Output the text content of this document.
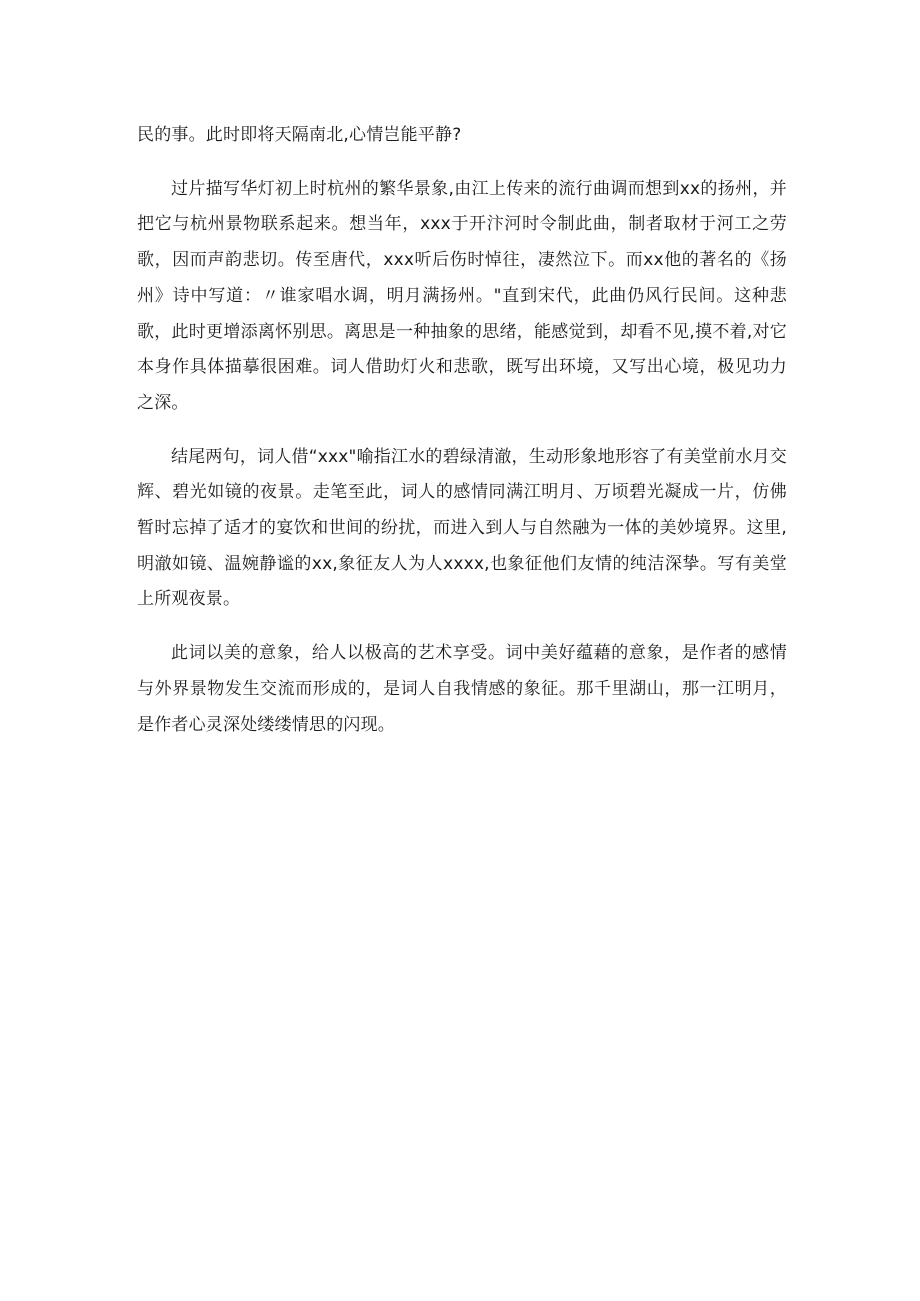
民的事。此时即将天隔南北,心情岂能平静?

过片描写华灯初上时杭州的繁华景象,由江上传来的流行曲调而想到xx的扬州，并把它与杭州景物联系起来。想当年，xxx于开汴河时令制此曲，制者取材于河工之劳歌，因而声韵悲切。传至唐代，xxx听后伤时悼往，凄然泣下。而xx他的著名的《扬州》诗中写道：〃谁家唱水调，明月满扬州。"直到宋代，此曲仍风行民间。这种悲歌，此时更增添离怀别思。离思是一种抽象的思绪，能感觉到，却看不见,摸不着,对它本身作具体描摹很困难。词人借助灯火和悲歌，既写出环境，又写出心境，极见功力之深。

结尾两句，词人借“xxx"喻指江水的碧绿清澈，生动形象地形容了有美堂前水月交辉、碧光如镜的夜景。走笔至此，词人的感情同满江明月、万顷碧光凝成一片，仿佛暂时忘掉了适才的宴饮和世间的纷扰，而进入到人与自然融为一体的美妙境界。这里,明澈如镜、温婉静谧的xx,象征友人为人xxxx,也象征他们友情的纯洁深挚。写有美堂上所观夜景。

此词以美的意象，给人以极高的艺术享受。词中美好蕴藉的意象，是作者的感情与外界景物发生交流而形成的，是词人自我情感的象征。那千里湖山，那一江明月，是作者心灵深处缕缕情思的闪现。
